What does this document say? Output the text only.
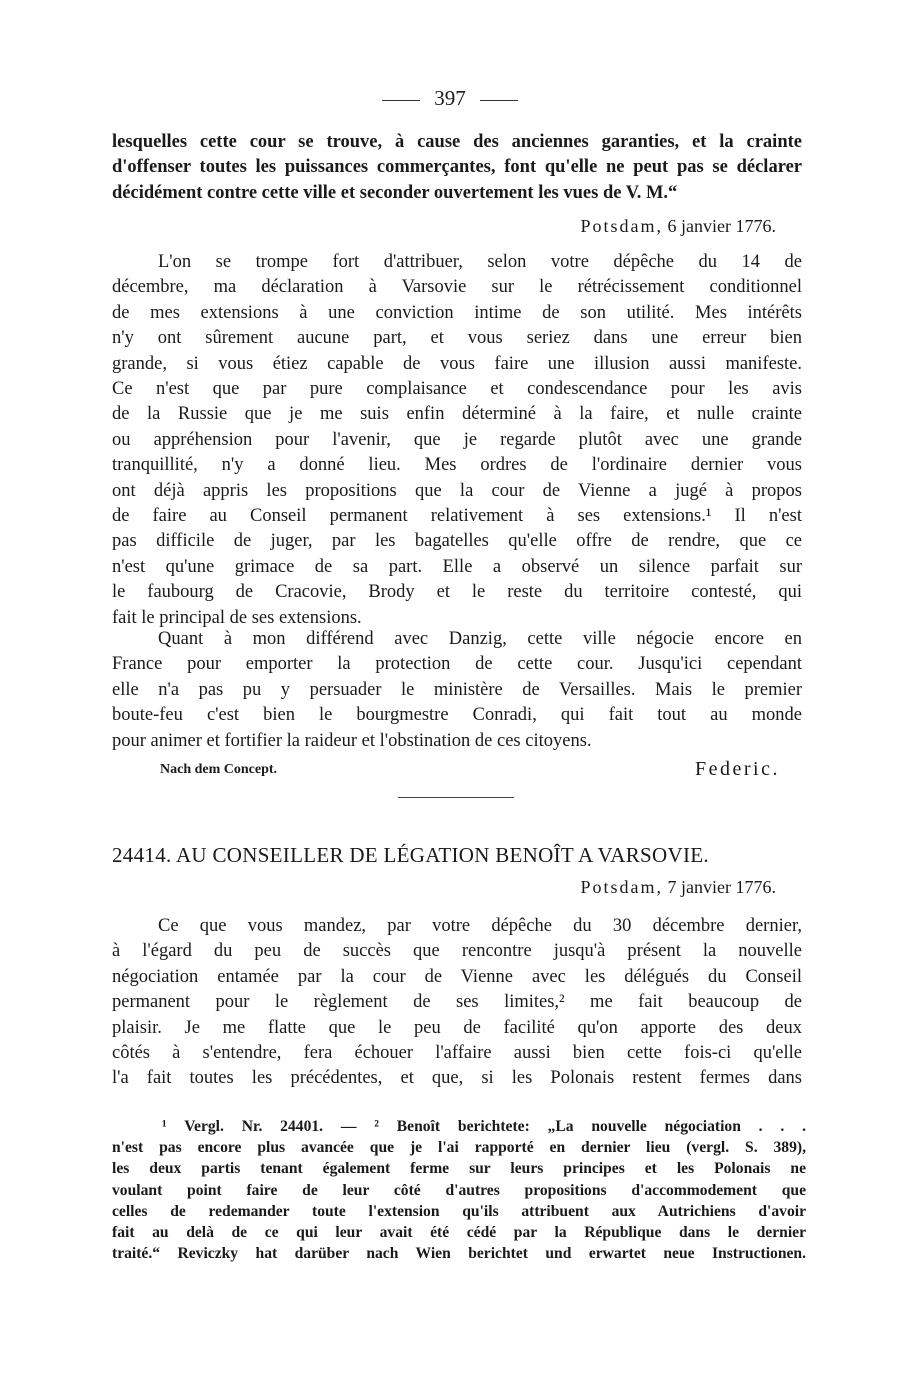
397
lesquelles cette cour se trouve, à cause des anciennes garanties, et la crainte
d'offenser toutes les puissances commerçantes, font qu'elle ne peut pas se déclarer
décidément contre cette ville et seconder ouvertement les vues de V. M.“
Potsdam, 6 janvier 1776.
L'on se trompe fort d'attribuer, selon votre dépêche du 14 de
décembre, ma déclaration à Varsovie sur le rétrécissement conditionnel
de mes extensions à une conviction intime de son utilité. Mes intérêts
n'y ont sûrement aucune part, et vous seriez dans une erreur bien
grande, si vous étiez capable de vous faire une illusion aussi manifeste.
Ce n'est que par pure complaisance et condescendance pour les avis
de la Russie que je me suis enfin déterminé à la faire, et nulle crainte
ou appréhension pour l'avenir, que je regarde plutôt avec une grande
tranquillité, n'y a donné lieu. Mes ordres de l'ordinaire dernier vous
ont déjà appris les propositions que la cour de Vienne a jugé à propos
de faire au Conseil permanent relativement à ses extensions.¹ Il n'est
pas difficile de juger, par les bagatelles qu'elle offre de rendre, que ce
n'est qu'une grimace de sa part. Elle a observé un silence parfait sur
le faubourg de Cracovie, Brody et le reste du territoire contesté, qui
fait le principal de ses extensions.
Quant à mon différend avec Danzig, cette ville négocie encore en
France pour emporter la protection de cette cour. Jusqu'ici cependant
elle n'a pas pu y persuader le ministère de Versailles. Mais le premier
boute-feu c'est bien le bourgmestre Conradi, qui fait tout au monde
pour animer et fortifier la raideur et l'obstination de ces citoyens.
Nach dem Concept.	Federic.
24414. AU CONSEILLER DE LÉGATION BENOÎT A VARSOVIE.
Potsdam, 7 janvier 1776.
Ce que vous mandez, par votre dépêche du 30 décembre dernier,
à l'égard du peu de succès que rencontre jusqu'à présent la nouvelle
négociation entamée par la cour de Vienne avec les délégués du Conseil
permanent pour le règlement de ses limites,² me fait beaucoup de
plaisir. Je me flatte que le peu de facilité qu'on apporte des deux
côtés à s'entendre, fera échouer l'affaire aussi bien cette fois-ci qu'elle
l'a fait toutes les précédentes, et que, si les Polonais restent fermes dans
¹ Vergl. Nr. 24401. — ² Benoît berichtete: „La nouvelle négociation . . .
n'est pas encore plus avancée que je l'ai rapporté en dernier lieu (vergl. S. 389),
les deux partis tenant également ferme sur leurs principes et les Polonais ne
voulant point faire de leur côté d'autres propositions d'accommodement que
celles de redemander toute l'extension qu'ils attribuent aux Autrichiens d'avoir
fait au delà de ce qui leur avait été cédé par la République dans le dernier
traité.“ Reviczky hat darüber nach Wien berichtet und erwartet neue Instructionen.
